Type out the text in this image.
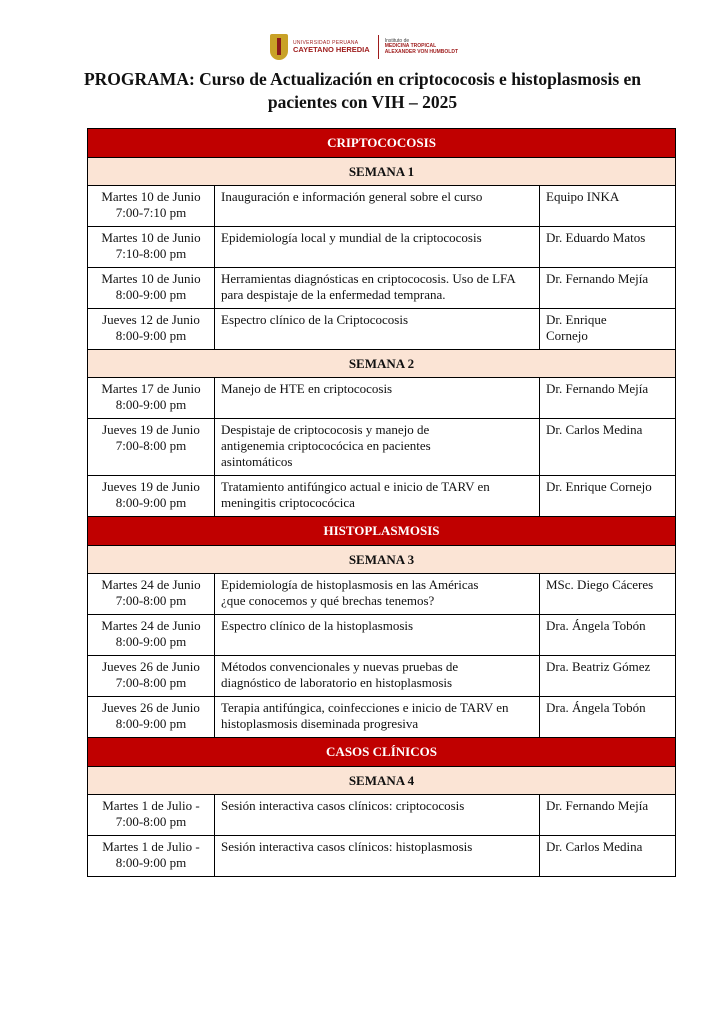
UNIVERSIDAD PERUANA
CAYETANO HEREDIA
Instituto de
MEDICINA TROPICAL
ALEXANDER VON HUMBOLDT
PROGRAMA: Curso de Actualización en criptococosis e histoplasmosis en
pacientes con VIH – 2025
CRIPTOCOCOSIS		
SEMANA 1		

Martes 10 de Junio
7:00-7:10 pm	Inauguración e información general sobre el curso	Equipo INKA

Martes 10 de Junio
7:10-8:00 pm	Epidemiología local y mundial de la criptococosis	Dr. Eduardo Matos

Martes 10 de Junio
8:00-9:00 pm	Herramientas diagnósticas en criptococosis. Uso de LFA
para despistaje de la enfermedad temprana.	Dr. Fernando Mejía

Jueves 12 de Junio
8:00-9:00 pm	Espectro clínico de la Criptococosis	Dr. Enrique
Cornejo

SEMANA 2		

Martes 17 de Junio
8:00-9:00 pm	Manejo de HTE en criptococosis	Dr. Fernando Mejía

Jueves 19 de Junio
7:00-8:00 pm	Despistaje de criptococosis y manejo de
antigenemia criptococócica en pacientes
asintomáticos	Dr. Carlos Medina

Jueves 19 de Junio
8:00-9:00 pm	Tratamiento antifúngico actual e inicio de TARV en
meningitis criptococócica	Dr. Enrique Cornejo

HISTOPLASMOSIS		
SEMANA 3		

Martes 24 de Junio
7:00-8:00 pm	Epidemiología de histoplasmosis en las Américas
¿que conocemos y qué brechas tenemos?	MSc. Diego Cáceres

Martes 24 de Junio
8:00-9:00 pm	Espectro clínico de la histoplasmosis	Dra. Ángela Tobón

Jueves 26 de Junio
7:00-8:00 pm	Métodos convencionales y nuevas pruebas de
diagnóstico de laboratorio en histoplasmosis	Dra. Beatriz Gómez

Jueves 26 de Junio
8:00-9:00 pm	Terapia antifúngica, coinfecciones e inicio de TARV en
histoplasmosis diseminada progresiva	Dra. Ángela Tobón

CASOS CLÍNICOS		
SEMANA 4		

Martes 1 de Julio -
7:00-8:00 pm	Sesión interactiva casos clínicos: criptococosis	Dr. Fernando Mejía

Martes 1 de Julio -
8:00-9:00 pm	Sesión interactiva casos clínicos: histoplasmosis	Dr. Carlos Medina
